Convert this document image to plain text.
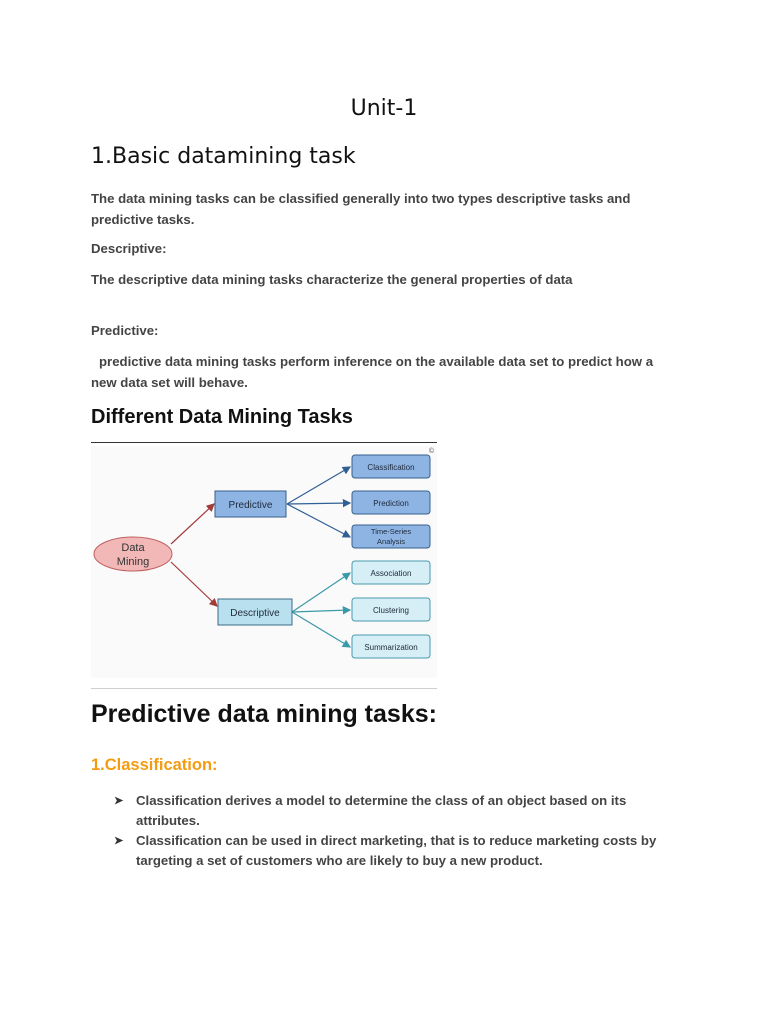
Unit-1
1.Basic datamining task

The data mining tasks can be classified generally into two types descriptive tasks and predictive tasks.

Descriptive:

The descriptive data mining tasks characterize the general properties of data

Predictive:

predictive data mining tasks perform inference on the available data set to predict how a new data set will behave.

Different Data Mining Tasks
Data
Mining
Predictive
Descriptive
Classification
Prediction
Time-Series
Analysis
Association
Clustering
Summarization
©
Predictive data mining tasks:
1.Classification:
➤ Classification derives a model to determine the class of an object based on its attributes.
➤ Classification can be used in direct marketing, that is to reduce marketing costs by targeting a set of customers who are likely to buy a new product.
